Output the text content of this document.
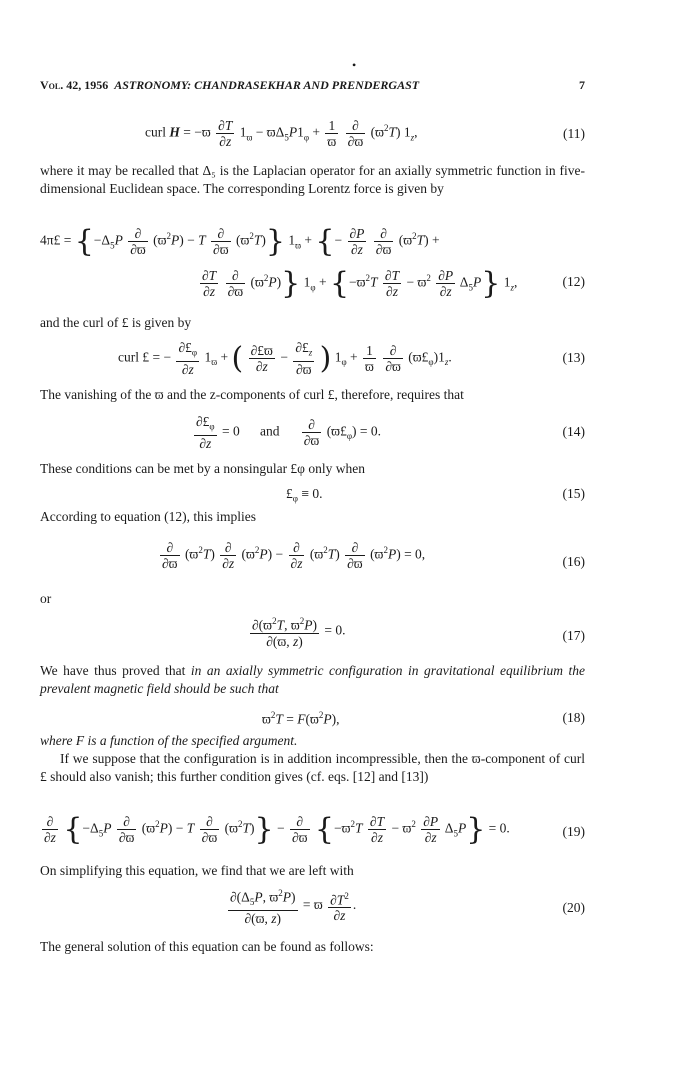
•
Vol. 42, 1956 ASTRONOMY: CHANDRASEKHAR AND PRENDERGAST	7
curl $H = -ϖ \frac{\partial T}{\partial z} 1_ϖ - ϖ\Delta_5P1_\varphi + \frac{1}{ϖ}$
$\frac{\partial}{\partial ϖ} (ϖ^2T)$ $1_z$,	(11)
where it may be recalled that Δ₅ is the Laplacian operator for an axially symmetric function in five-dimensional Euclidean space. The corresponding Lorentz force is given by
4π£ = $\{-\Delta_5P \frac{\partial}{\partial ϖ} (ϖ^2P) - T \frac{\partial}{\partial ϖ} (ϖ^2T)\} 1_ϖ$ + {− $\frac{\partial P}{\partial z}$
$\frac{\partial}{\partial ϖ} (ϖ^2T)$ +
$\frac{\partial T}{\partial z}$
$\frac{\partial}{\partial ϖ} (ϖ^2P)$} $1_\varphi + \{-ϖ^2T \frac{\partial T}{\partial z} - ϖ^2 \frac{\partial P}{\partial z} \Delta_5P\}$ $1_z$,	(12)
and the curl of £ is given by
curl £ = − $\frac{\partial£_\varphi}{\partial z} 1_ϖ$ + ( $\frac{\partial£ϖ}{\partial z} - \frac{\partial£_z}{\partial ϖ}$ ) $1_\varphi + \frac{1}{ϖ}$
$\frac{\partial}{\partial ϖ}$ $(ϖ£_\varphi)1_z$.	(13)
The vanishing of the ϖ and the z-components of curl £, therefore, requires that
$\frac{\partial£_\varphi}{\partial z} = 0$      and $\frac{\partial}{\partial ϖ}$ $(ϖ£_\varphi) = 0$.	(14)
These conditions can be met by a nonsingular £φ only when
$£_\varphi \equiv 0$.	(15)
According to equation (12), this implies
$\frac{\partial}{\partial ϖ} (ϖ^2T) \frac{\partial}{\partial z} (ϖ^2P) - \frac{\partial}{\partial z} (ϖ^2T) \frac{\partial}{\partial ϖ} (ϖ^2P) = 0$,	(16)
or
$\frac{\partial(ϖ^2T, ϖ^2P)}{\partial(ϖ, z)} = 0$.	(17)
We have thus proved that in an axially symmetric configuration in gravitational equilibrium the prevalent magnetic field should be such that
$ϖ^2T = F(ϖ^2P)$,	(18)
where F is a function of the specified argument.
If we suppose that the configuration is in addition incompressible, then the ϖ-component of curl £ should also vanish; this further condition gives (cf. eqs. [12] and [13])
$\frac{\partial}{\partial z} \{-\Delta_5P \frac{\partial}{\partial ϖ} (ϖ^2P) - T \frac{\partial}{\partial ϖ} (ϖ^2T)\} - \frac{\partial}{\partial ϖ} \{-ϖ^2T \frac{\partial T}{\partial z} - ϖ^2 \frac{\partial P}{\partial z} \Delta_5P\} = 0$.	(19)
On simplifying this equation, we find that we are left with
$\frac{\partial(\Delta_5P, ϖ^2P)}{\partial(ϖ, z)} = ϖ \frac{\partial T^2}{\partial z}$ .	(20)
The general solution of this equation can be found as follows:
